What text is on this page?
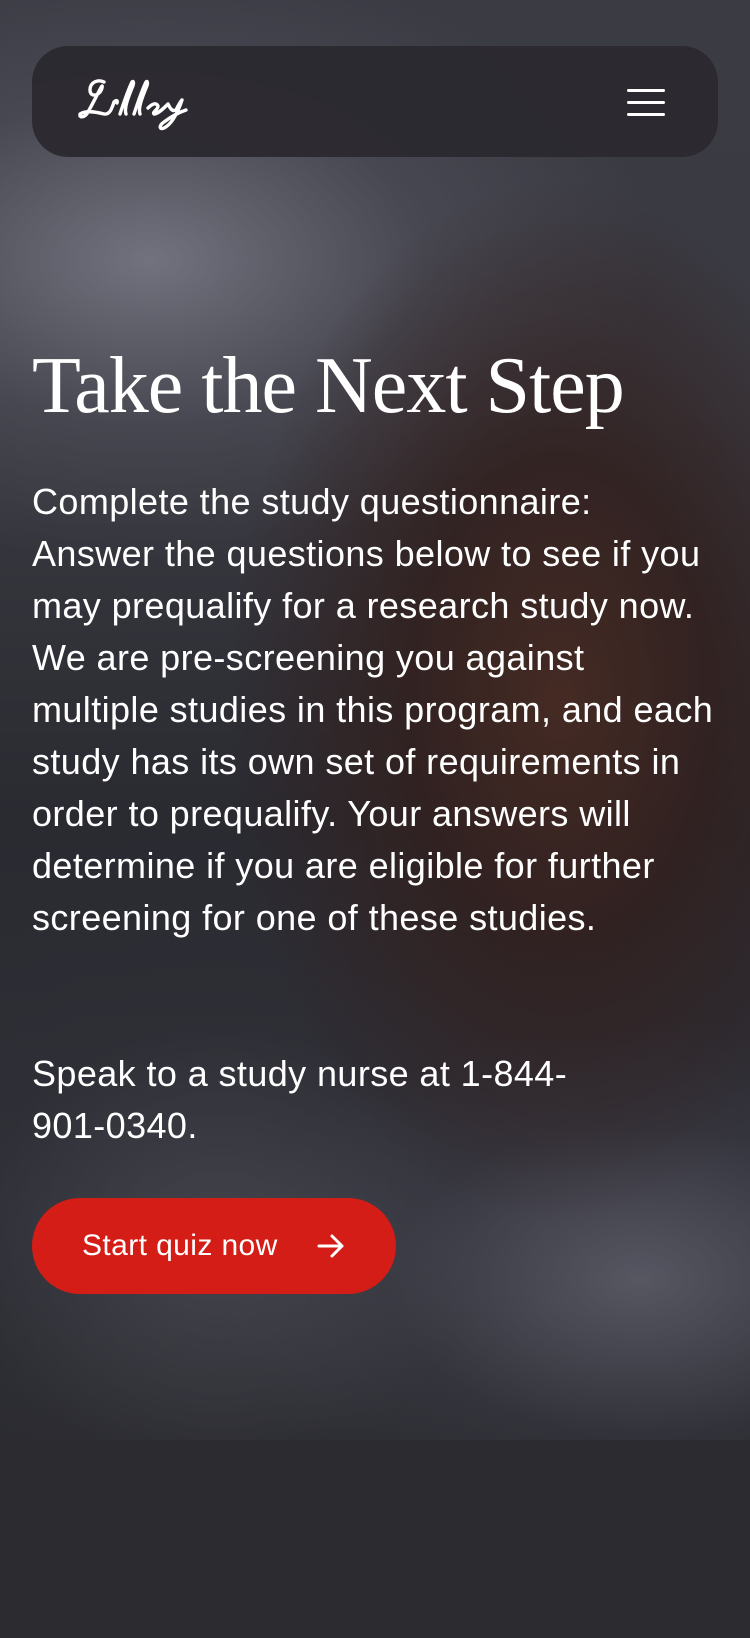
Take the Next Step

Complete the study questionnaire: Answer the questions below to see if you may prequalify for a research study now. We are pre-screening you against multiple studies in this program, and each study has its own set of requirements in order to prequalify. Your answers will determine if you are eligible for further screening for one of these studies.

Speak to a study nurse at 1-844-901-0340.

Start quiz now
